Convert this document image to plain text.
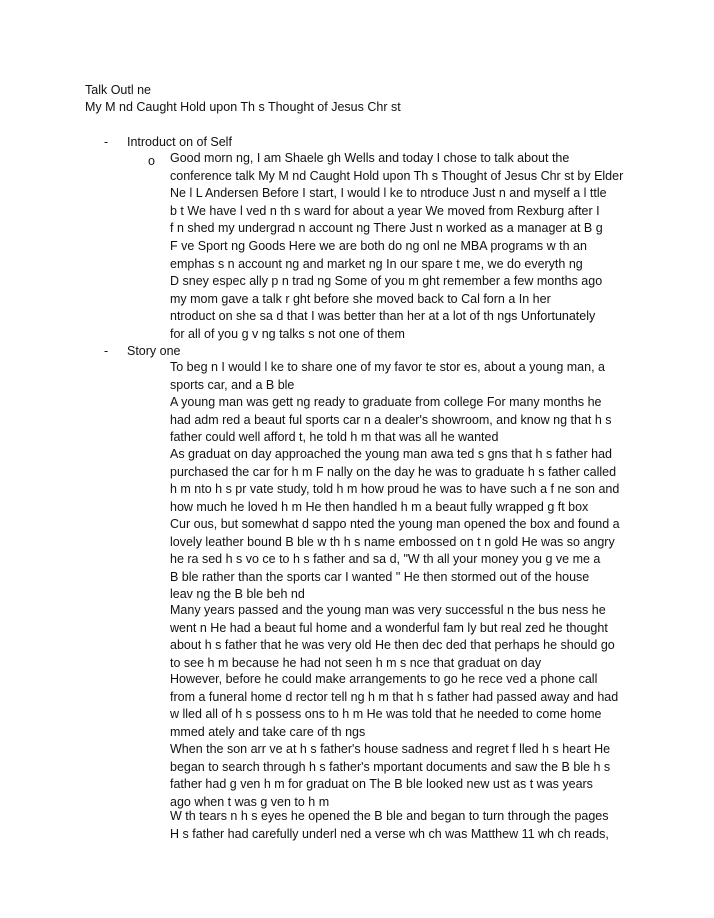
Talk Outl ne
My M nd Caught Hold upon Th s Thought of Jesus Chr st
- Introduct on of Self
o Good morn ng, I am Shaele gh Wells and today I chose to talk about the
conference talk My M nd Caught Hold upon Th s Thought of Jesus Chr st by Elder
Ne l L Andersen Before I start, I would l ke to ntroduce Just n and myself a l ttle
b t We have l ved n th s ward for about a year We moved from Rexburg after I
f n shed my undergrad n account ng There Just n worked as a manager at B g
F ve Sport ng Goods Here we are both do ng onl ne MBA programs w th an
emphas s n account ng and market ng In our spare t me, we do everyth ng
D sney espec ally p n trad ng Some of you m ght remember a few months ago
my mom gave a talk r ght before she moved back to Cal forn a In her
ntroduct on she sa d that I was better than her at a lot of th ngs Unfortunately
for all of you g v ng talks s not one of them
- Story one
To beg n I would l ke to share one of my favor te stor es, about a young man, a
sports car, and a B ble
A young man was gett ng ready to graduate from college For many months he
had adm red a beaut ful sports car n a dealer's showroom, and know ng that h s
father could well afford t, he told h m that was all he wanted
As graduat on day approached the young man awa ted s gns that h s father had
purchased the car for h m F nally on the day he was to graduate h s father called
h m nto h s pr vate study, told h m how proud he was to have such a f ne son and
how much he loved h m He then handled h m a beaut fully wrapped g ft box
Cur ous, but somewhat d sappo nted the young man opened the box and found a
lovely leather bound B ble w th h s name embossed on t n gold He was so angry
he ra sed h s vo ce to h s father and sa d, "W th all your money you g ve me a
B ble rather than the sports car I wanted " He then stormed out of the house
leav ng the B ble beh nd
Many years passed and the young man was very successful n the bus ness he
went n He had a beaut ful home and a wonderful fam ly but real zed he thought
about h s father that he was very old He then dec ded that perhaps he should go
to see h m because he had not seen h m s nce that graduat on day
However, before he could make arrangements to go he rece ved a phone call
from a funeral home d rector tell ng h m that h s father had passed away and had
w lled all of h s possess ons to h m He was told that he needed to come home
mmed ately and take care of th ngs
When the son arr ve at h s father's house sadness and regret f lled h s heart He
began to search through h s father's mportant documents and saw the B ble h s
father had g ven h m for graduat on The B ble looked new ust as t was years
ago when t was g ven to h m
W th tears n h s eyes he opened the B ble and began to turn through the pages
H s father had carefully underl ned a verse wh ch was Matthew 11 wh ch reads,
